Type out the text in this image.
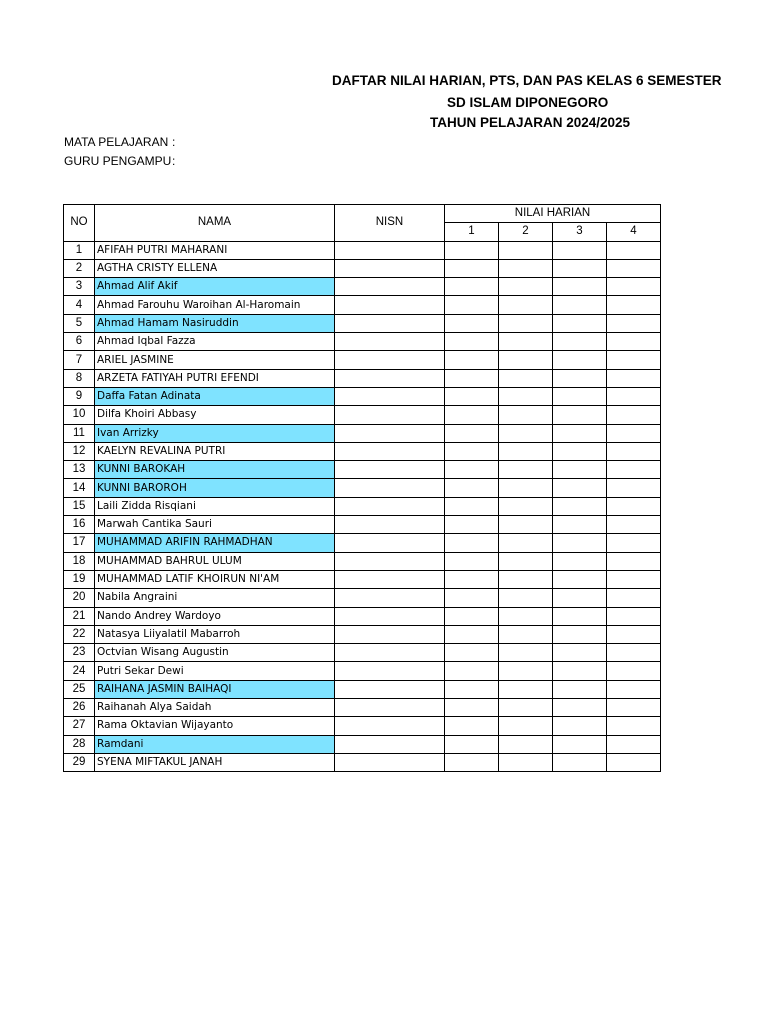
DAFTAR NILAI HARIAN, PTS, DAN PAS KELAS 6 SEMESTER
SD ISLAM DIPONEGORO
TAHUN PELAJARAN 2024/2025
MATA PELAJARAN :
GURU PENGAMPU :
NO	NAMA	NISN	NILAI HARIAN			
			1	2	3	4
1	AFIFAH PUTRI MAHARANI					
2	AGTHA CRISTY ELLENA					
3	Ahmad Alif Akif					
4	Ahmad Farouhu Waroihan Al-Haromain					
5	Ahmad Hamam Nasiruddin					
6	Ahmad Iqbal Fazza					
7	ARIEL JASMINE					
8	ARZETA FATIYAH PUTRI EFENDI					
9	Daffa Fatan Adinata					
10	Dilfa Khoiri Abbasy					
11	Ivan Arrizky					
12	KAELYN REVALINA PUTRI					
13	KUNNI BAROKAH					
14	KUNNI BAROROH					
15	Laili Zidda Risqiani					
16	Marwah Cantika Sauri					
17	MUHAMMAD ARIFIN RAHMADHAN					
18	MUHAMMAD BAHRUL ULUM					
19	MUHAMMAD LATIF KHOIRUN NI'AM					
20	Nabila Angraini					
21	Nando Andrey Wardoyo					
22	Natasya Liiyalatil Mabarroh					
23	Octvian Wisang Augustin					
24	Putri Sekar Dewi					
25	RAIHANA JASMIN BAIHAQI					
26	Raihanah Alya Saidah					
27	Rama Oktavian Wijayanto					
28	Ramdani					
29	SYENA MIFTAKUL JANAH					
